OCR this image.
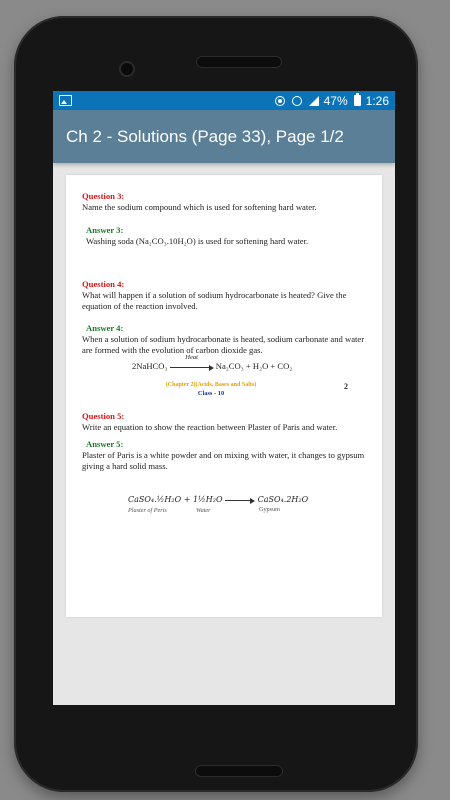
47% 1:26
Ch 2 - Solutions (Page 33), Page 1/2
Question 3:
Name the sodium compound which is used for softening hard water.
Answer 3:
Washing soda (Na₂CO₃.10H₂O) is used for softening hard water.
Question 4:
What will happen if a solution of sodium hydrocarbonate is heated? Give the equation of the reaction involved.
Answer 4:
When a solution of sodium hydrocarbonate is heated, sodium carbonate and water are formed with the evolution of carbon dioxide gas.
2NaHCO₃
Heat
Na₂CO₃ + H₂O + CO₂
(Chapter 2)(Acids, Bases and Salts)
Class - 10
2
Question 5:
Write an equation to show the reaction between Plaster of Paris and water.
Answer 5:
Plaster of Paris is a white powder and on mixing with water, it changes to gypsum giving a hard solid mass.
CaSO₄.½H₂O + 1½H₂O	CaSO₄.2H₂O
Plaster of Peris	Water	Gypsum
